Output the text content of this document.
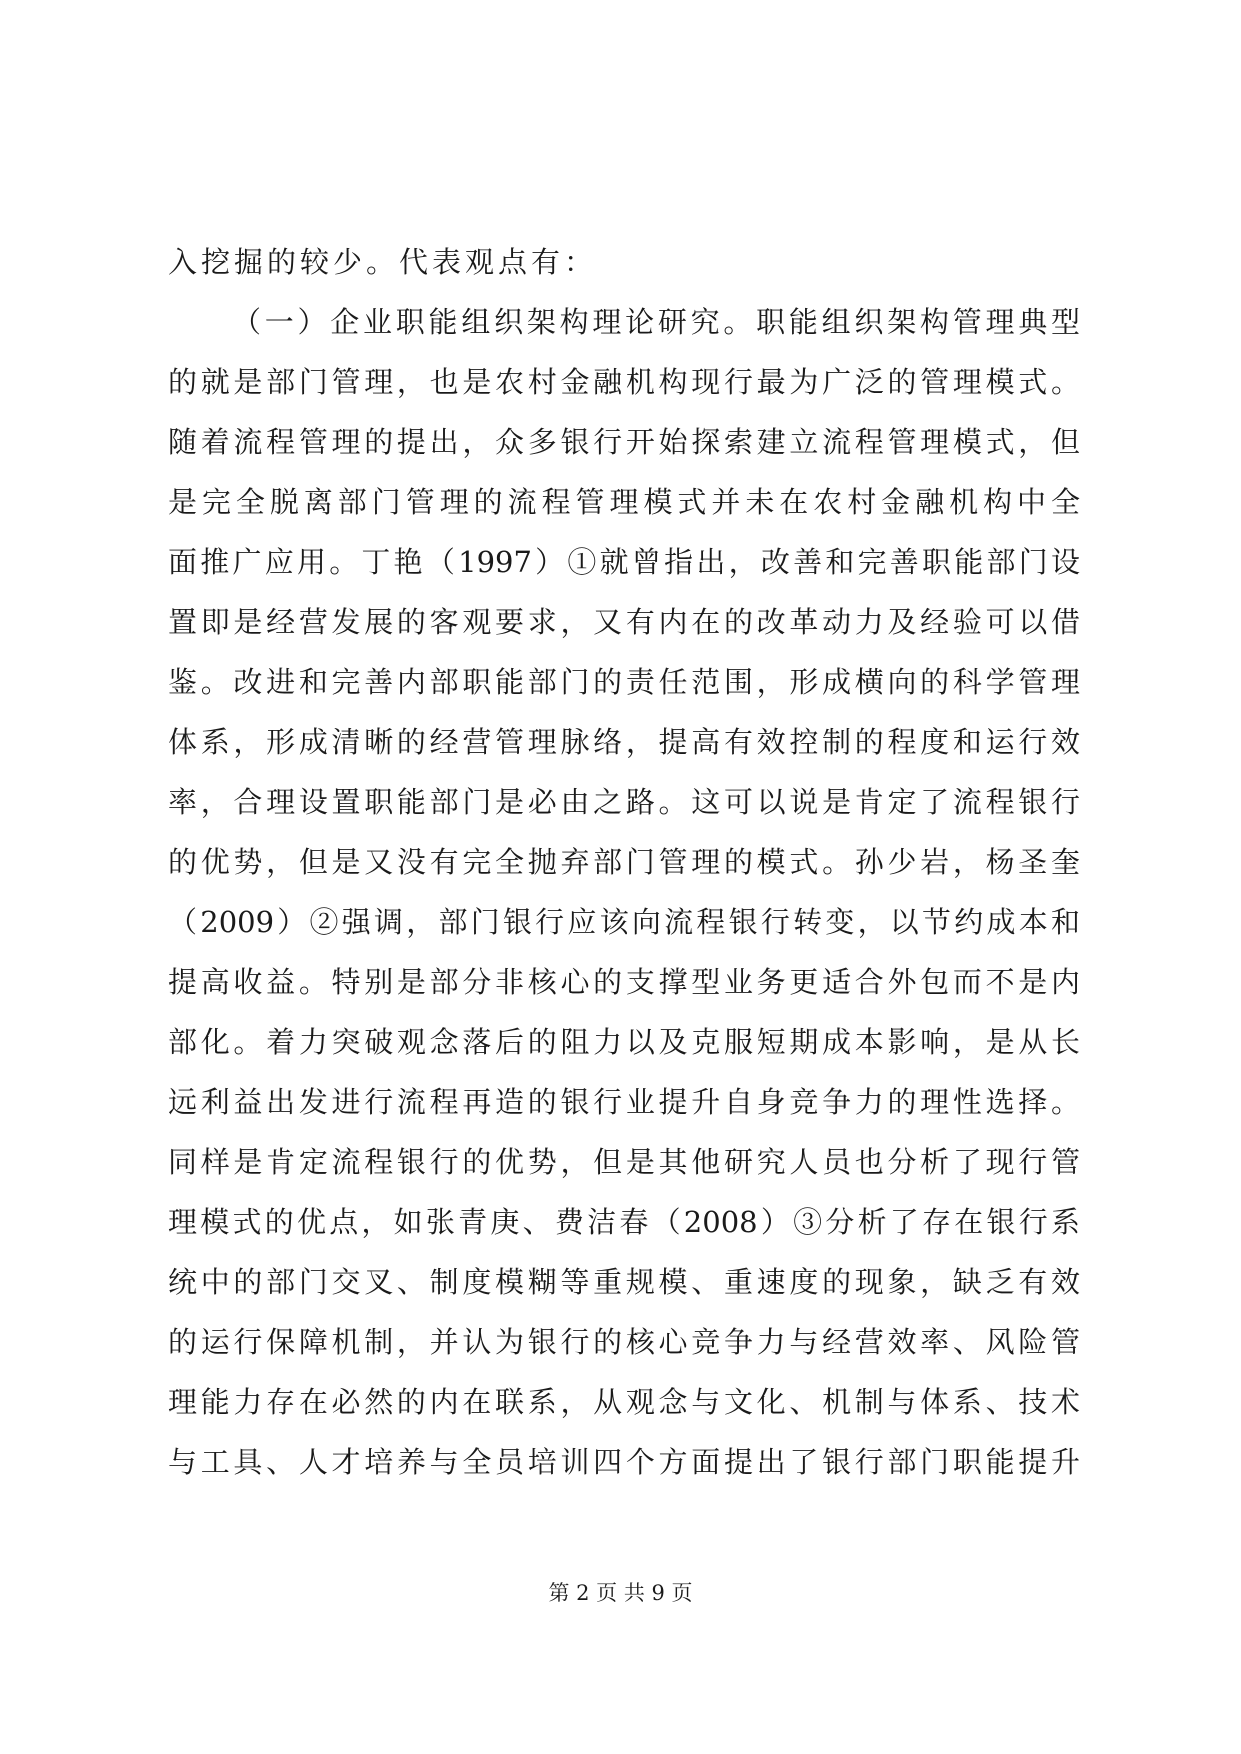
入挖掘的较少。代表观点有：
（一）企业职能组织架构理论研究。职能组织架构管理典型
的就是部门管理，也是农村金融机构现行最为广泛的管理模式。
随着流程管理的提出，众多银行开始探索建立流程管理模式，但
是完全脱离部门管理的流程管理模式并未在农村金融机构中全
面推广应用。丁艳（1997）①就曾指出，改善和完善职能部门设
置即是经营发展的客观要求，又有内在的改革动力及经验可以借
鉴。改进和完善内部职能部门的责任范围，形成横向的科学管理
体系，形成清晰的经营管理脉络，提高有效控制的程度和运行效
率，合理设置职能部门是必由之路。这可以说是肯定了流程银行
的优势，但是又没有完全抛弃部门管理的模式。孙少岩，杨圣奎
（2009）②强调，部门银行应该向流程银行转变，以节约成本和
提高收益。特别是部分非核心的支撑型业务更适合外包而不是内
部化。着力突破观念落后的阻力以及克服短期成本影响，是从长
远利益出发进行流程再造的银行业提升自身竞争力的理性选择。
同样是肯定流程银行的优势，但是其他研究人员也分析了现行管
理模式的优点，如张青庚、费洁春（2008）③分析了存在银行系
统中的部门交叉、制度模糊等重规模、重速度的现象，缺乏有效
的运行保障机制，并认为银行的核心竞争力与经营效率、风险管
理能力存在必然的内在联系，从观念与文化、机制与体系、技术
与工具、人才培养与全员培训四个方面提出了银行部门职能提升
第 2 页 共 9 页
